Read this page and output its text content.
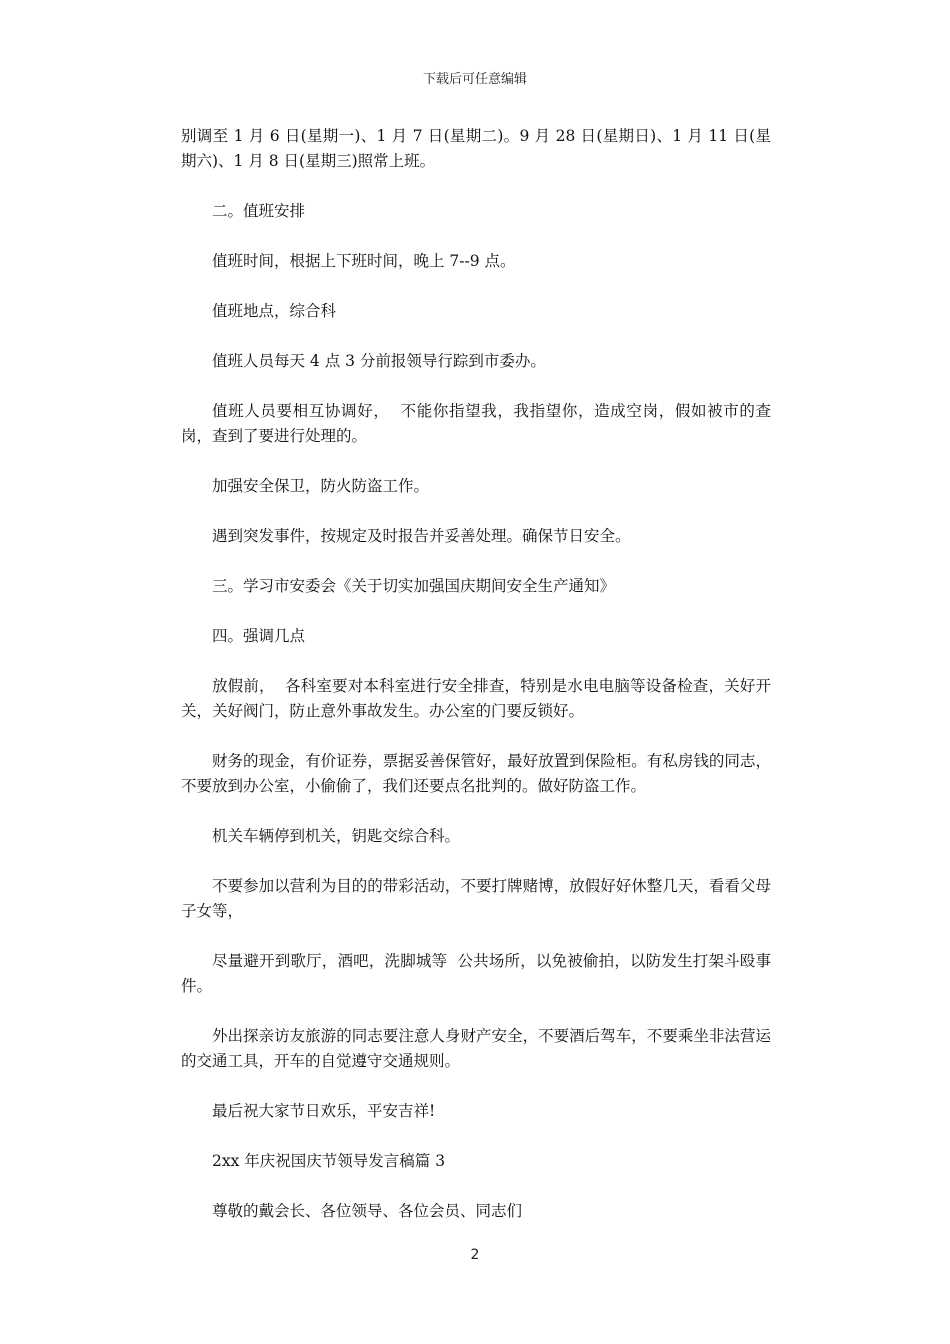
下载后可任意编辑

别调至 1 月 6 日(星期一)、1 月 7 日(星期二)。9 月 28 日(星期日)、1 月 11 日(星期六)、1 月 8 日(星期三)照常上班。

二。值班安排

值班时间，根据上下班时间，晚上 7--9 点。

值班地点，综合科

值班人员每天 4 点 3 分前报领导行踪到市委办。

值班人员要相互协调好，  不能你指望我，我指望你，造成空岗，假如被市的查岗，查到了要进行处理的。

加强安全保卫，防火防盗工作。

遇到突发事件，按规定及时报告并妥善处理。确保节日安全。

三。学习市安委会《关于切实加强国庆期间安全生产通知》

四。强调几点

放假前，  各科室要对本科室进行安全排查，特别是水电电脑等设备检查，关好开关，关好阀门，防止意外事故发生。办公室的门要反锁好。

财务的现金，有价证券，票据妥善保管好，最好放置到保险柜。有私房钱的同志，不要放到办公室，小偷偷了，我们还要点名批判的。做好防盗工作。

机关车辆停到机关，钥匙交综合科。

不要参加以营利为目的的带彩活动，不要打牌赌博，放假好好休整几天，看看父母子女等，

尽量避开到歌厅，酒吧，洗脚城等  公共场所，以免被偷拍，以防发生打架斗殴事件。

外出探亲访友旅游的同志要注意人身财产安全，不要酒后驾车，不要乘坐非法营运的交通工具，开车的自觉遵守交通规则。

最后祝大家节日欢乐，平安吉祥!

2xx 年庆祝国庆节领导发言稿篇 3

尊敬的戴会长、各位领导、各位会员、同志们

2
